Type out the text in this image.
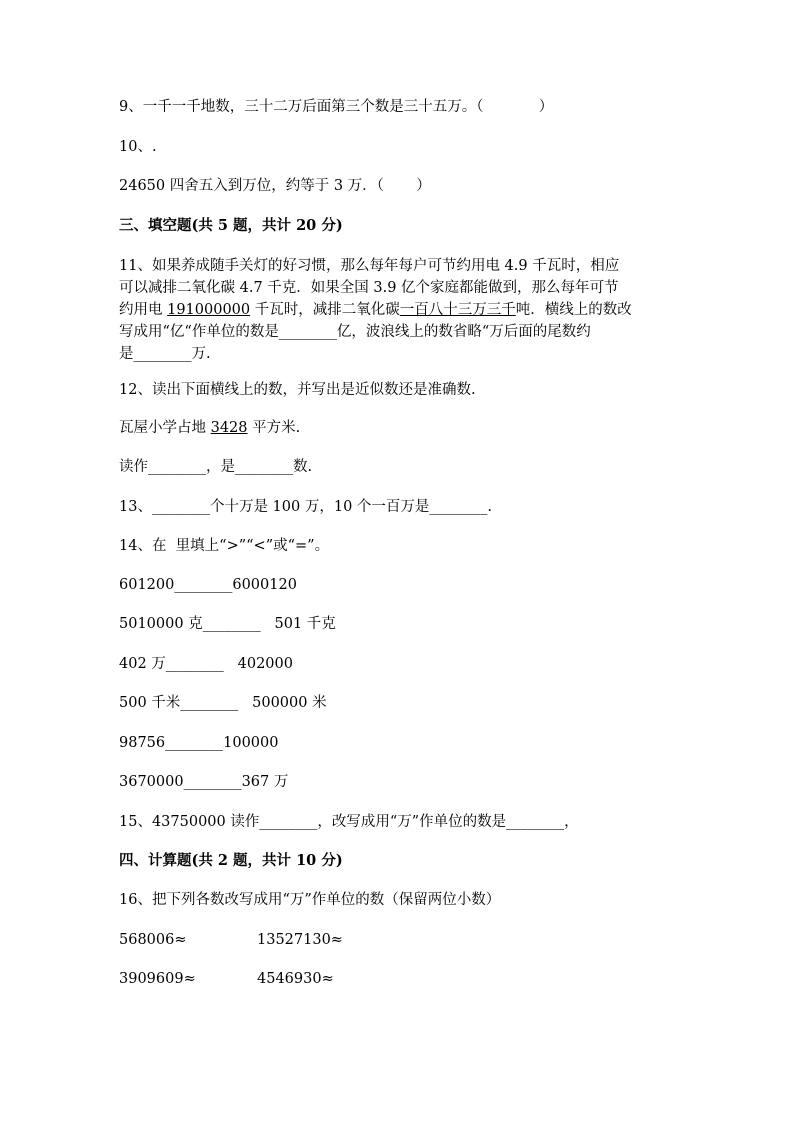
9、一千一千地数，三十二万后面第三个数是三十五万。（            ）
10、.
24650 四舍五入到万位，约等于 3 万．（       ）
三、填空题(共 5 题，共计 20 分)
11、如果养成随手关灯的好习惯，那么每年每户可节约用电 4.9 千瓦时，相应
可以减排二氧化碳 4.7 千克．如果全国 3.9 亿个家庭都能做到，那么每年可节
约用电 191000000 千瓦时，减排二氧化碳一百八十三万三千吨．横线上的数改
写成用“亿“作单位的数是________亿，波浪线上的数省略“万后面的尾数约
是________万.
12、读出下面横线上的数，并写出是近似数还是准确数.
瓦屋小学占地 3428 平方米.
读作________，是________数.
13、________个十万是 100 万，10 个一百万是________.
14、在  里填上“>”“<”或“=”。
601200________6000120
5010000 克________   501 千克
402 万________   402000
500 千米________   500000 米
98756________100000
3670000________367 万
15、43750000 读作________，改写成用“万”作单位的数是________，
四、计算题(共 2 题，共计 10 分)
16、把下列各数改写成用“万”作单位的数（保留两位小数）
568006≈	13527130≈
3909609≈	4546930≈
